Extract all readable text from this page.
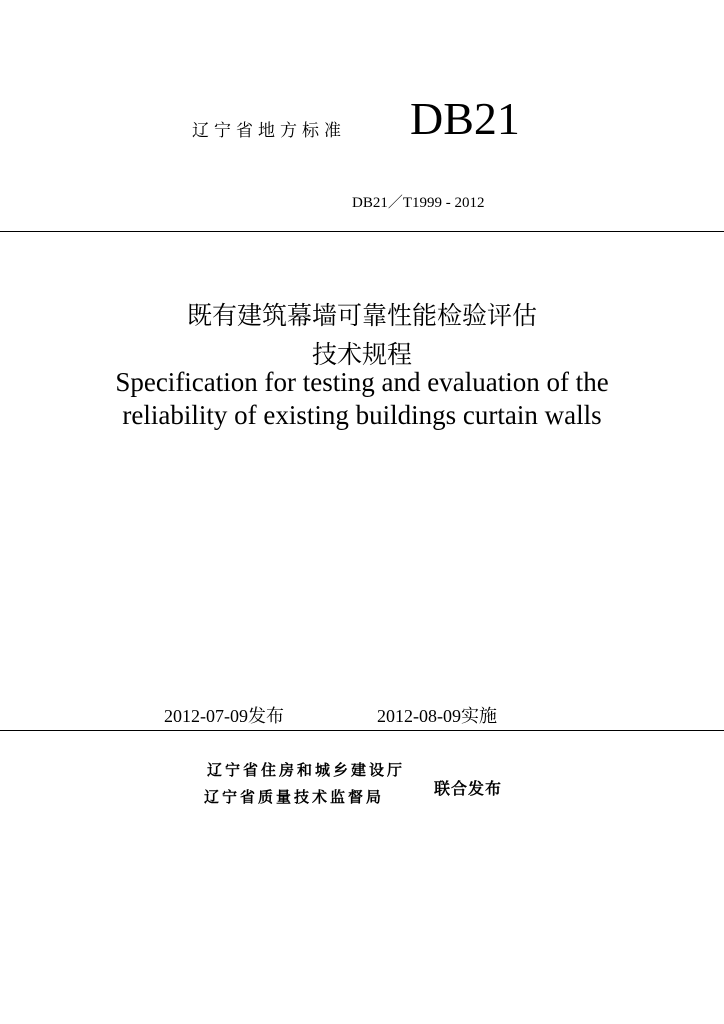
辽宁省地方标准 DB21
DB21／T1999 - 2012
既有建筑幕墙可靠性能检验评估
技术规程
Specification for testing and evaluation of the
reliability of existing buildings curtain walls
2012-07-09发布	2012-08-09实施
辽宁省住房和城乡建设厅
辽宁省质量技术监督局	联合发布
